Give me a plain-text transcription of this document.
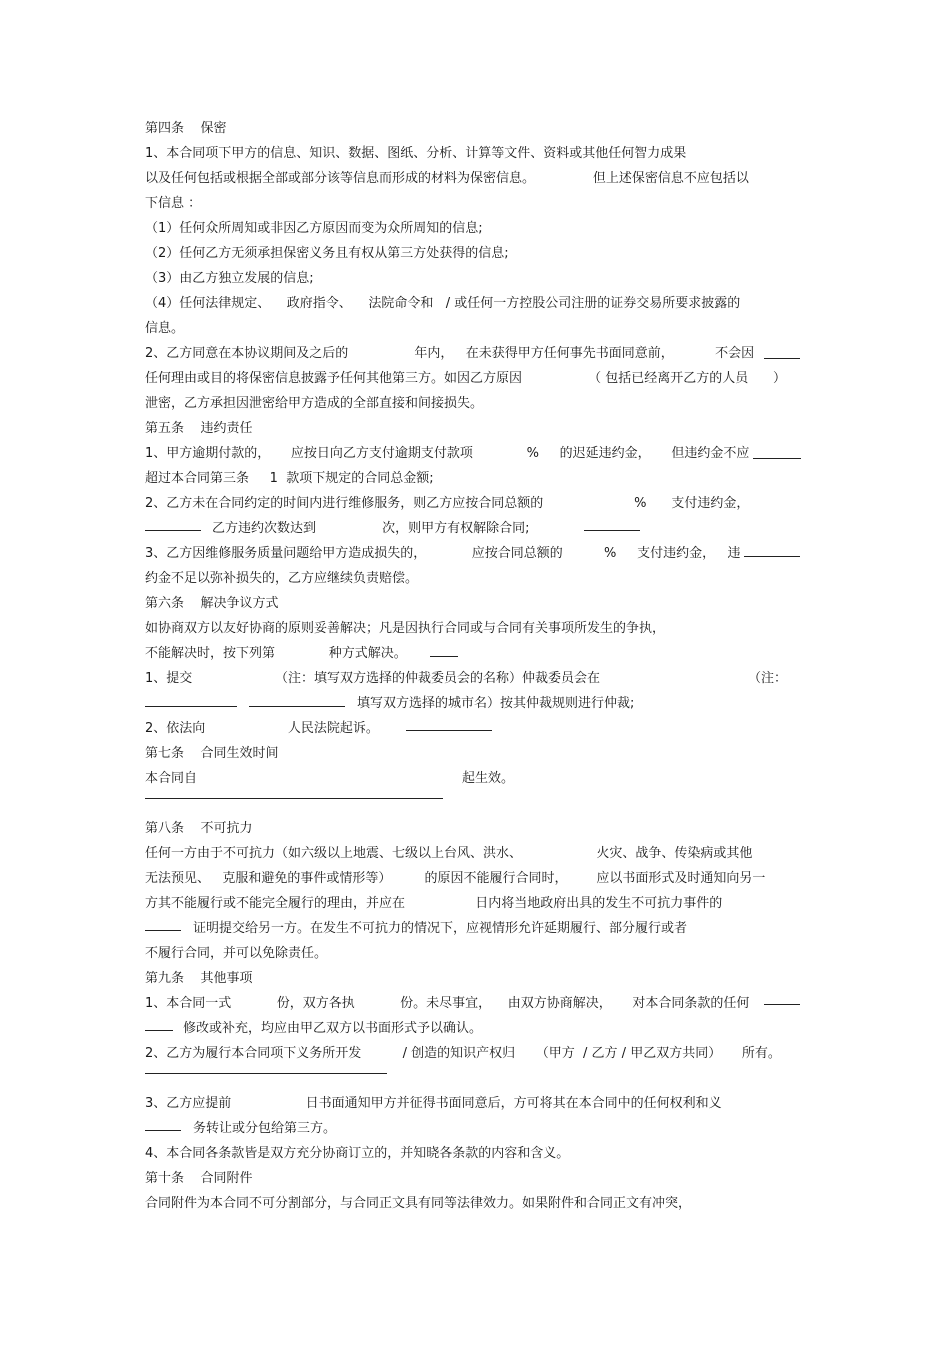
第四条    保密
1、本合同项下甲方的信息、知识、数据、图纸、分析、计算等文件、资料或其他任何智力成果
以及任何包括或根据全部或部分该等信息而形成的材料为保密信息。              但上述保密信息不应包括以
下信息 ：
（1）任何众所周知或非因乙方原因而变为众所周知的信息;
（2）任何乙方无须承担保密义务且有权从第三方处获得的信息;
（3）由乙方独立发展的信息;
（4）任何法律规定、    政府指令、    法院命令和   / 或任何一方控股公司注册的证券交易所要求披露的
信息。
2、乙方同意在本协议期间及之后的                年内，   在未获得甲方任何事先书面同意前，          不会因
任何理由或目的将保密信息披露予任何其他第三方。如因乙方原因                （ 包括已经离开乙方的人员      ）
泄密，乙方承担因泄密给甲方造成的全部直接和间接损失。
第五条    违约责任
1、甲方逾期付款的，     应按日向乙方支付逾期支付款项             %     的迟延违约金，     但违约金不应
超过本合同第三条     1  款项下规定的合同总金额;
2、乙方未在合同约定的时间内进行维修服务，则乙方应按合同总额的                      %      支付违约金，
乙方违约次数达到                次，则甲方有权解除合同;
3、乙方因维修服务质量问题给甲方造成损失的，           应按合同总额的          %     支付违约金，   违
约金不足以弥补损失的，乙方应继续负责赔偿。
第六条    解决争议方式
如协商双方以友好协商的原则妥善解决；凡是因执行合同或与合同有关事项所发生的争执，
不能解决时，按下列第             种方式解决。
1、提交	（注：填写双方选择的仲裁委员会的名称）仲裁委员会在	（注：
填写双方选择的城市名）按其仲裁规则进行仲裁;
2、依法向                    人民法院起诉。
第七条    合同生效时间
本合同自	起生效。
第八条    不可抗力
任何一方由于不可抗力（如六级以上地震、七级以上台风、洪水、                  火灾、战争、传染病或其他
无法预见、   克服和避免的事件或情形等）        的原因不能履行合同时，       应以书面形式及时通知向另一
方其不能履行或不能完全履行的理由，并应在                 日内将当地政府出具的发生不可抗力事件的
证明提交给另一方。在发生不可抗力的情况下，应视情形允许延期履行、部分履行或者
不履行合同，并可以免除责任。
第九条    其他事项
1、本合同一式           份，双方各执           份。未尽事宜，    由双方协商解决，     对本合同条款的任何
修改或补充，均应由甲乙双方以书面形式予以确认。
2、乙方为履行本合同项下义务所开发          / 创造的知识产权归     （甲方  / 乙方 / 甲乙双方共同）     所有。
3、乙方应提前                  日书面通知甲方并征得书面同意后，方可将其在本合同中的任何权利和义
务转让或分包给第三方。
4、本合同各条款皆是双方充分协商订立的，并知晓各条款的内容和含义。
第十条    合同附件
合同附件为本合同不可分割部分，与合同正文具有同等法律效力。如果附件和合同正文有冲突，
